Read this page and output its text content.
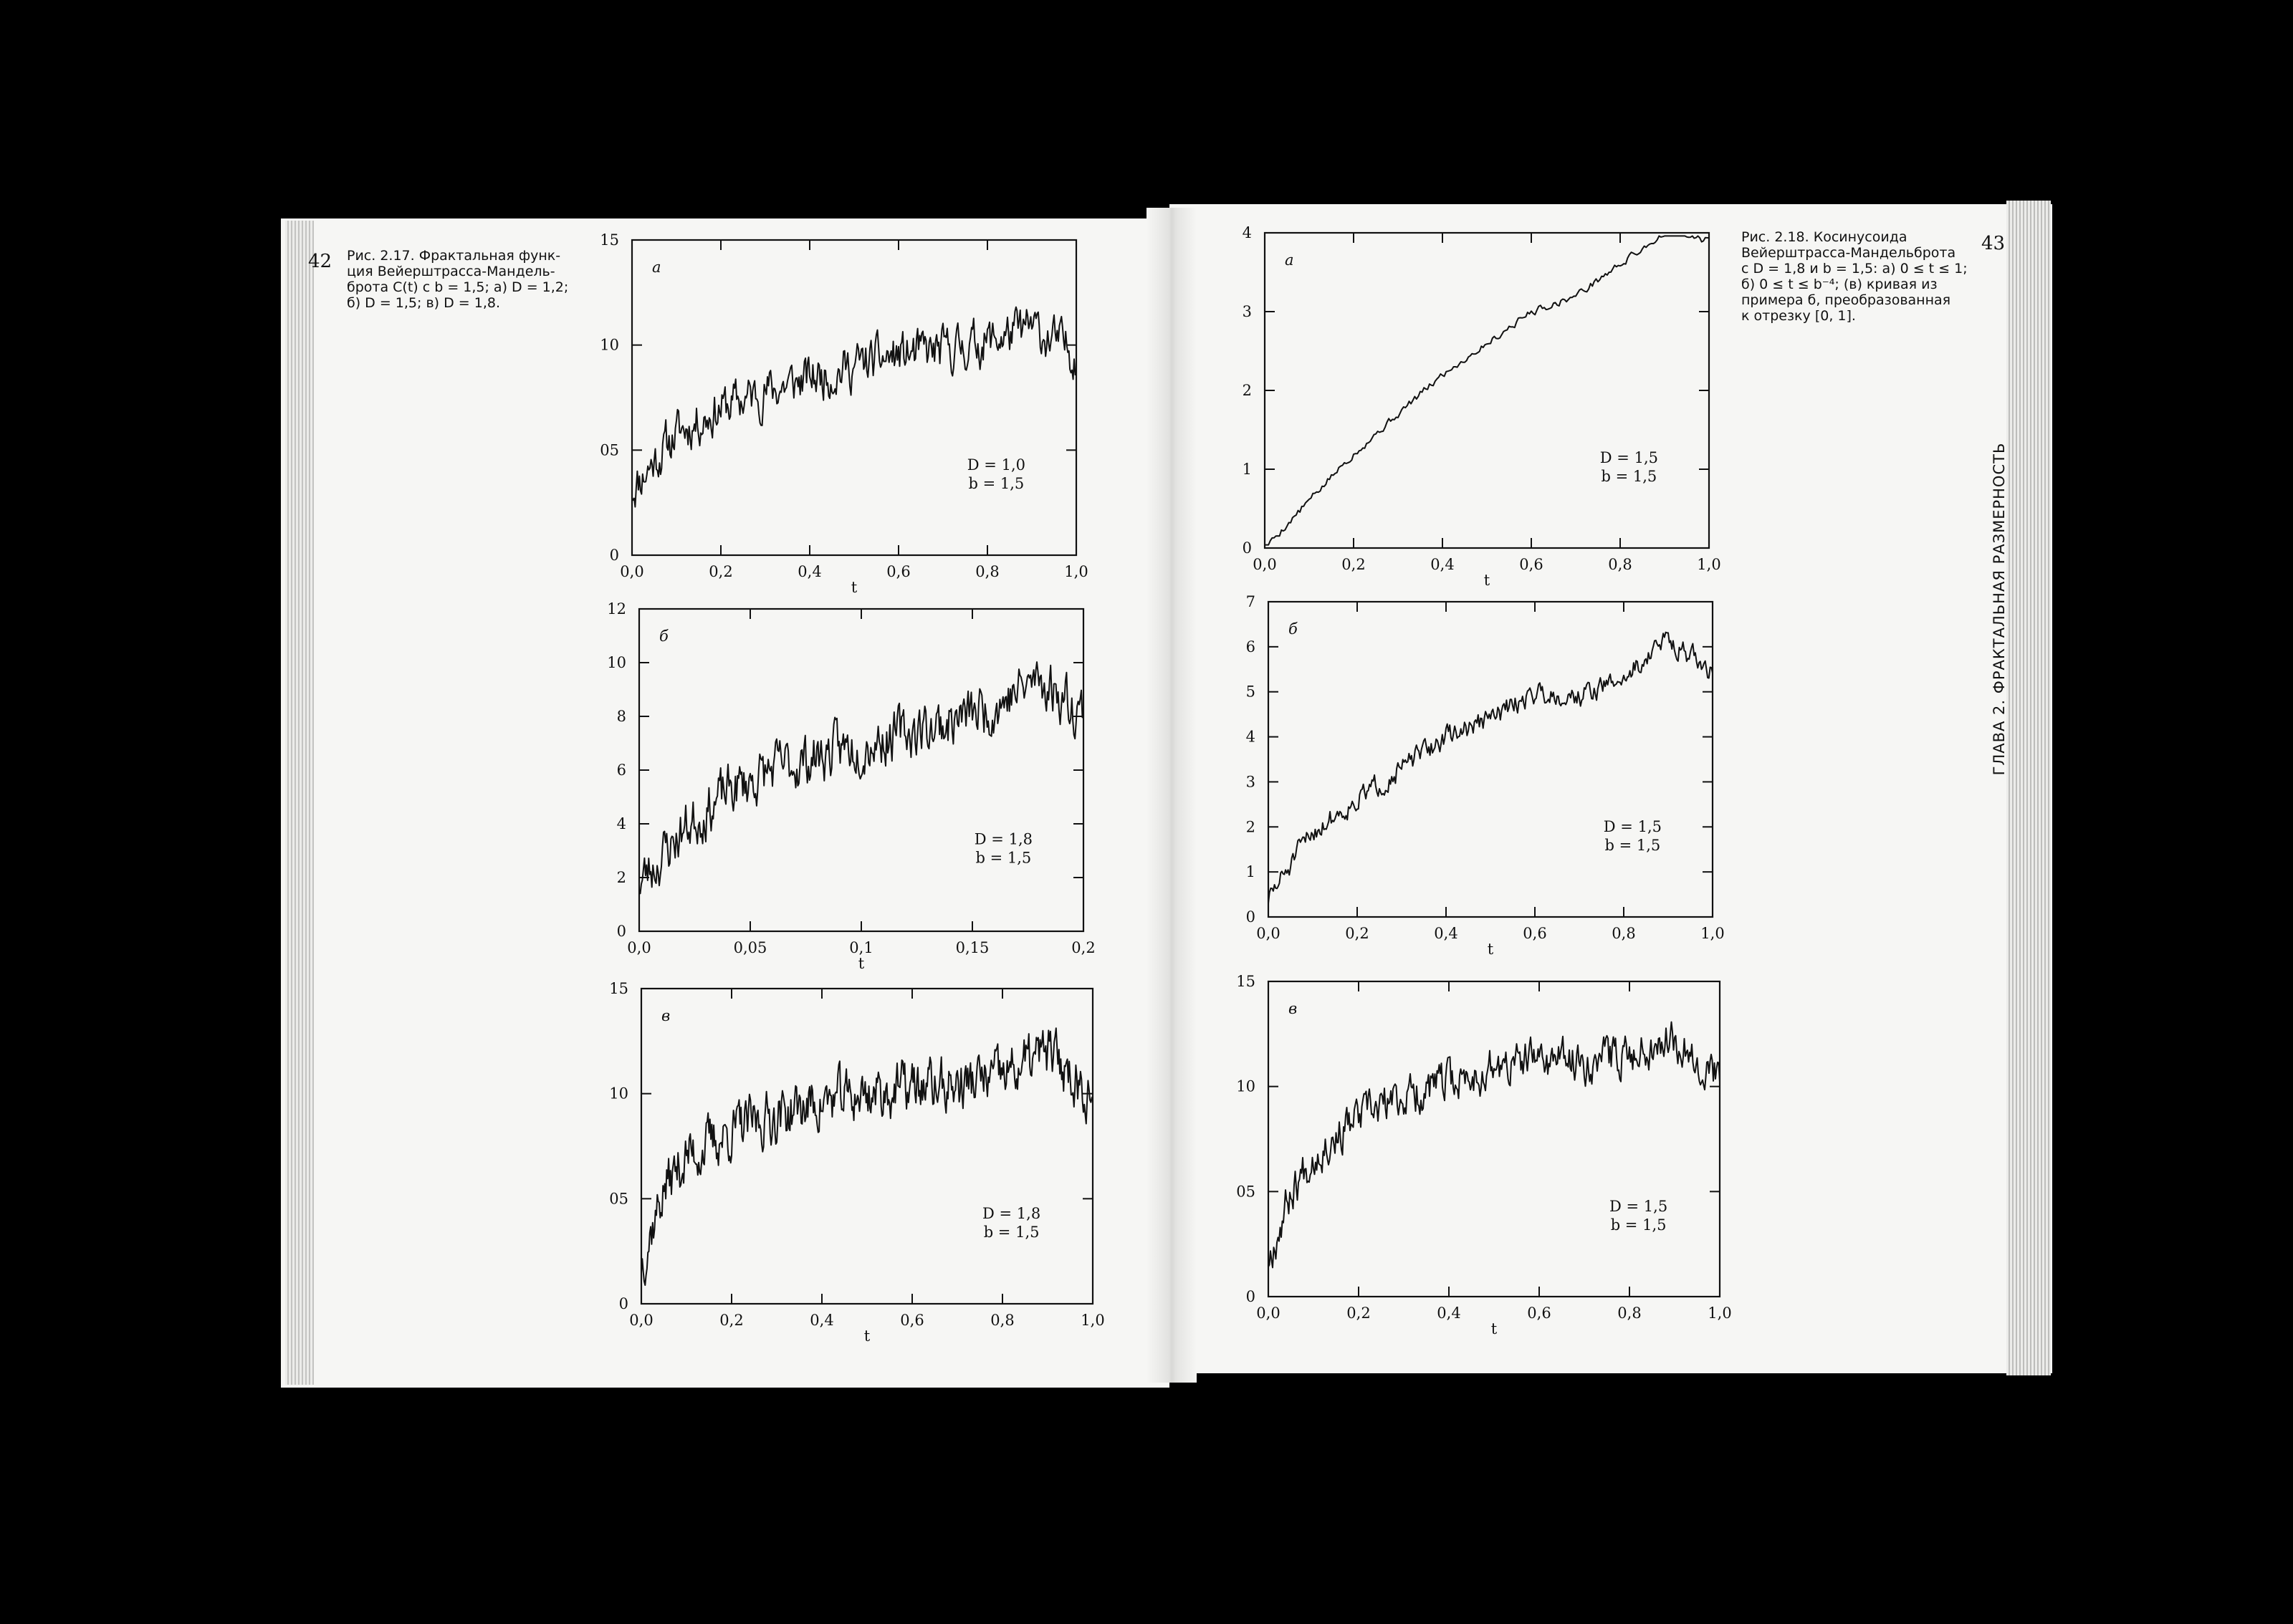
42
43
Рис. 2.17. Фрактальная функ-
ция Вейерштрасса-Мандель-
брота C(t) с b = 1,5; а) D = 1,2;
б) D = 1,5; в) D = 1,8.
Рис. 2.18. Косинусоида
Вейерштрасса-Мандельброта
с D = 1,8 и b = 1,5: а) 0 ≤ t ≤ 1;
б) 0 ≤ t ≤ b⁻⁴; (в) кривая из
примера б, преобразованная
к отрезку [0, 1].
ГЛАВА 2. ФРАКТАЛЬНАЯ РАЗМЕРНОСТЬ
0,0	0,2	0,4	0,6	0,8	1,0
0
05
10
15
t
а
D = 1,0
b = 1,5
0,0	0,05	0,1	0,15	0,2
0
2
4
6
8
10
12
t
б
D = 1,8
b = 1,5
0,0	0,2	0,4	0,6	0,8	1,0
0
05
10
15
t
в
D = 1,8
b = 1,5
0,0	0,2	0,4	0,6	0,8	1,0
0
1
2
3
4
t
а
D = 1,5
b = 1,5
0,0	0,2	0,4	0,6	0,8	1,0
0
1
2
3
4
5
6
7
t
б
D = 1,5
b = 1,5
0,0	0,2	0,4	0,6	0,8	1,0
0
05
10
15
t
в
D = 1,5
b = 1,5
